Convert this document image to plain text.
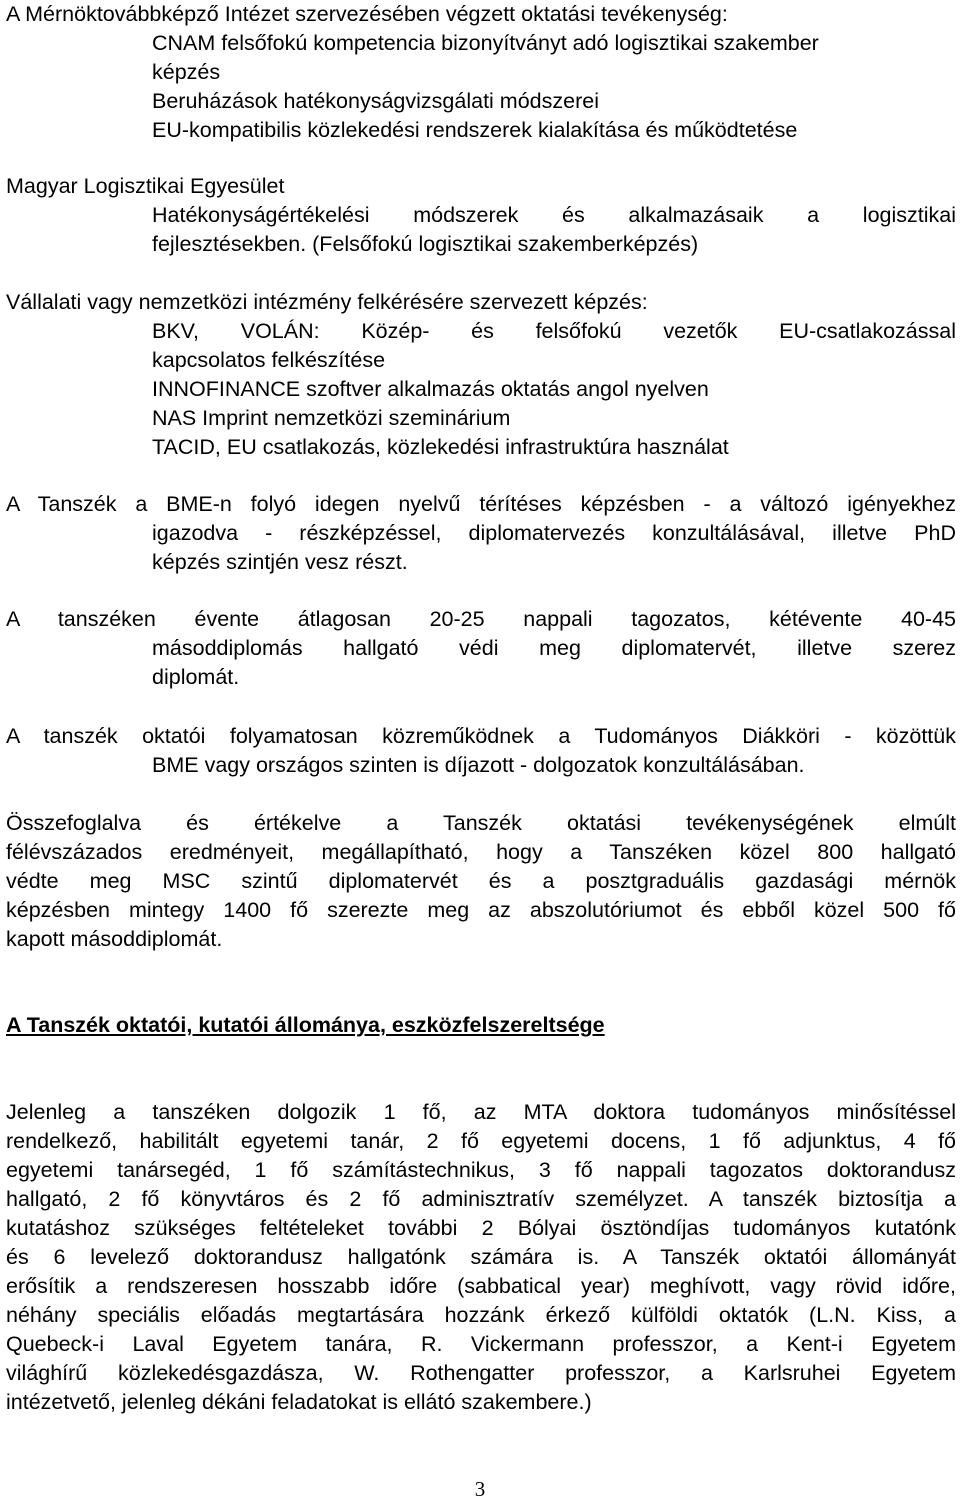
A Mérnöktovábbképző Intézet szervezésében végzett oktatási tevékenység:
CNAM felsőfokú kompetencia bizonyítványt adó logisztikai szakember
képzés
Beruházások hatékonyságvizsgálati módszerei
EU-kompatibilis közlekedési rendszerek kialakítása és működtetése
Magyar Logisztikai Egyesület
Hatékonyságértékelési módszerek és alkalmazásaik a logisztikai
fejlesztésekben. (Felsőfokú logisztikai szakemberképzés)
Vállalati vagy nemzetközi intézmény felkérésére szervezett képzés:
BKV, VOLÁN: Közép- és felsőfokú vezetők EU-csatlakozással
kapcsolatos felkészítése
INNOFINANCE szoftver alkalmazás oktatás angol nyelven
NAS Imprint nemzetközi szeminárium
TACID, EU csatlakozás, közlekedési infrastruktúra használat
A Tanszék a BME-n folyó idegen nyelvű térítéses képzésben - a változó igényekhez
igazodva - részképzéssel, diplomatervezés konzultálásával, illetve PhD
képzés szintjén vesz részt.
A tanszéken évente átlagosan 20-25 nappali tagozatos, kétévente 40-45
másoddiplomás hallgató védi meg diplomatervét, illetve szerez
diplomát.
A tanszék oktatói folyamatosan közreműködnek a Tudományos Diákköri - közöttük
BME vagy országos szinten is díjazott - dolgozatok konzultálásában.
Összefoglalva és értékelve a Tanszék oktatási tevékenységének elmúlt
félévszázados eredményeit, megállapítható, hogy a Tanszéken közel 800 hallgató
védte meg MSC szintű diplomatervét és a posztgraduális gazdasági mérnök
képzésben mintegy 1400 fő szerezte meg az abszolutóriumot és ebből közel 500 fő
kapott másoddiplomát.
A Tanszék oktatói, kutatói állománya, eszközfelszereltsége
Jelenleg a tanszéken dolgozik 1 fő, az MTA doktora tudományos minősítéssel
rendelkező, habilitált egyetemi tanár, 2 fő egyetemi docens, 1 fő adjunktus, 4 fő
egyetemi tanársegéd, 1 fő számítástechnikus, 3 fő nappali tagozatos doktorandusz
hallgató, 2 fő könyvtáros és 2 fő adminisztratív személyzet. A tanszék biztosítja a
kutatáshoz szükséges feltételeket további 2 Bólyai ösztöndíjas tudományos kutatónk
és 6 levelező doktorandusz hallgatónk számára is. A Tanszék oktatói állományát
erősítik a rendszeresen hosszabb időre (sabbatical year) meghívott, vagy rövid időre,
néhány speciális előadás megtartására hozzánk érkező külföldi oktatók (L.N. Kiss, a
Quebeck-i Laval Egyetem tanára, R. Vickermann professzor, a Kent-i Egyetem
világhírű közlekedésgazdásza, W. Rothengatter professzor, a Karlsruhei Egyetem
intézetvető, jelenleg dékáni feladatokat is ellátó szakembere.)
3
